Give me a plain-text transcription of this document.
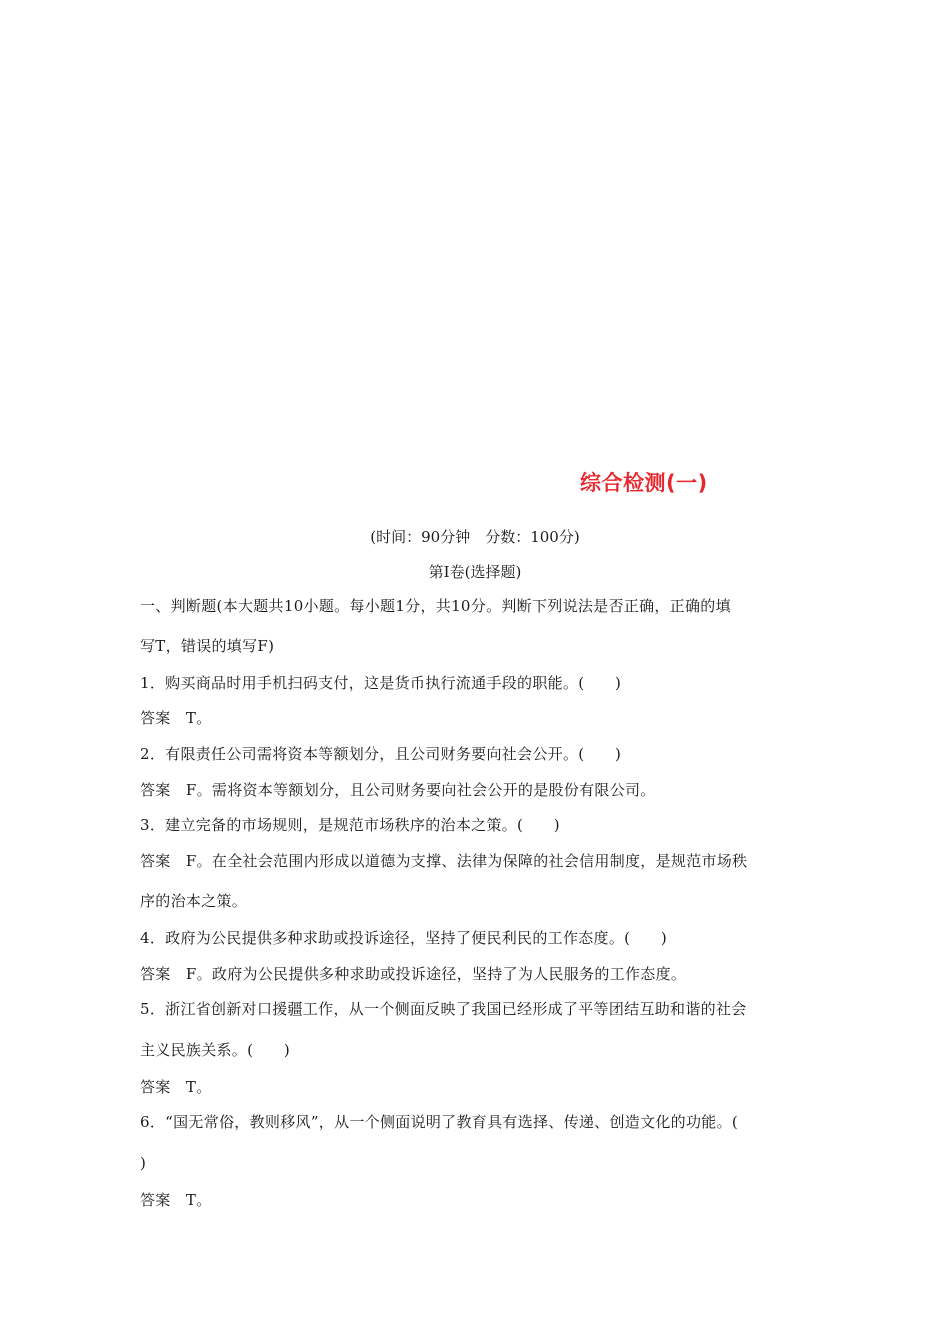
综合检测(一)
(时间：90分钟　分数：100分)
第Ⅰ卷(选择题)
一、判断题(本大题共10小题。每小题1分，共10分。判断下列说法是否正确，正确的填
写T，错误的填写F)
1．购买商品时用手机扫码支付，这是货币执行流通手段的职能。(　　)
答案　T。
2．有限责任公司需将资本等额划分，且公司财务要向社会公开。(　　)
答案　F。需将资本等额划分，且公司财务要向社会公开的是股份有限公司。
3．建立完备的市场规则，是规范市场秩序的治本之策。(　　)
答案　F。在全社会范围内形成以道德为支撑、法律为保障的社会信用制度，是规范市场秩
序的治本之策。
4．政府为公民提供多种求助或投诉途径，坚持了便民利民的工作态度。(　　)
答案　F。政府为公民提供多种求助或投诉途径，坚持了为人民服务的工作态度。
5．浙江省创新对口援疆工作，从一个侧面反映了我国已经形成了平等团结互助和谐的社会
主义民族关系。(　　)
答案　T。
6．“国无常俗，教则移风”，从一个侧面说明了教育具有选择、传递、创造文化的功能。(
)
答案　T。
